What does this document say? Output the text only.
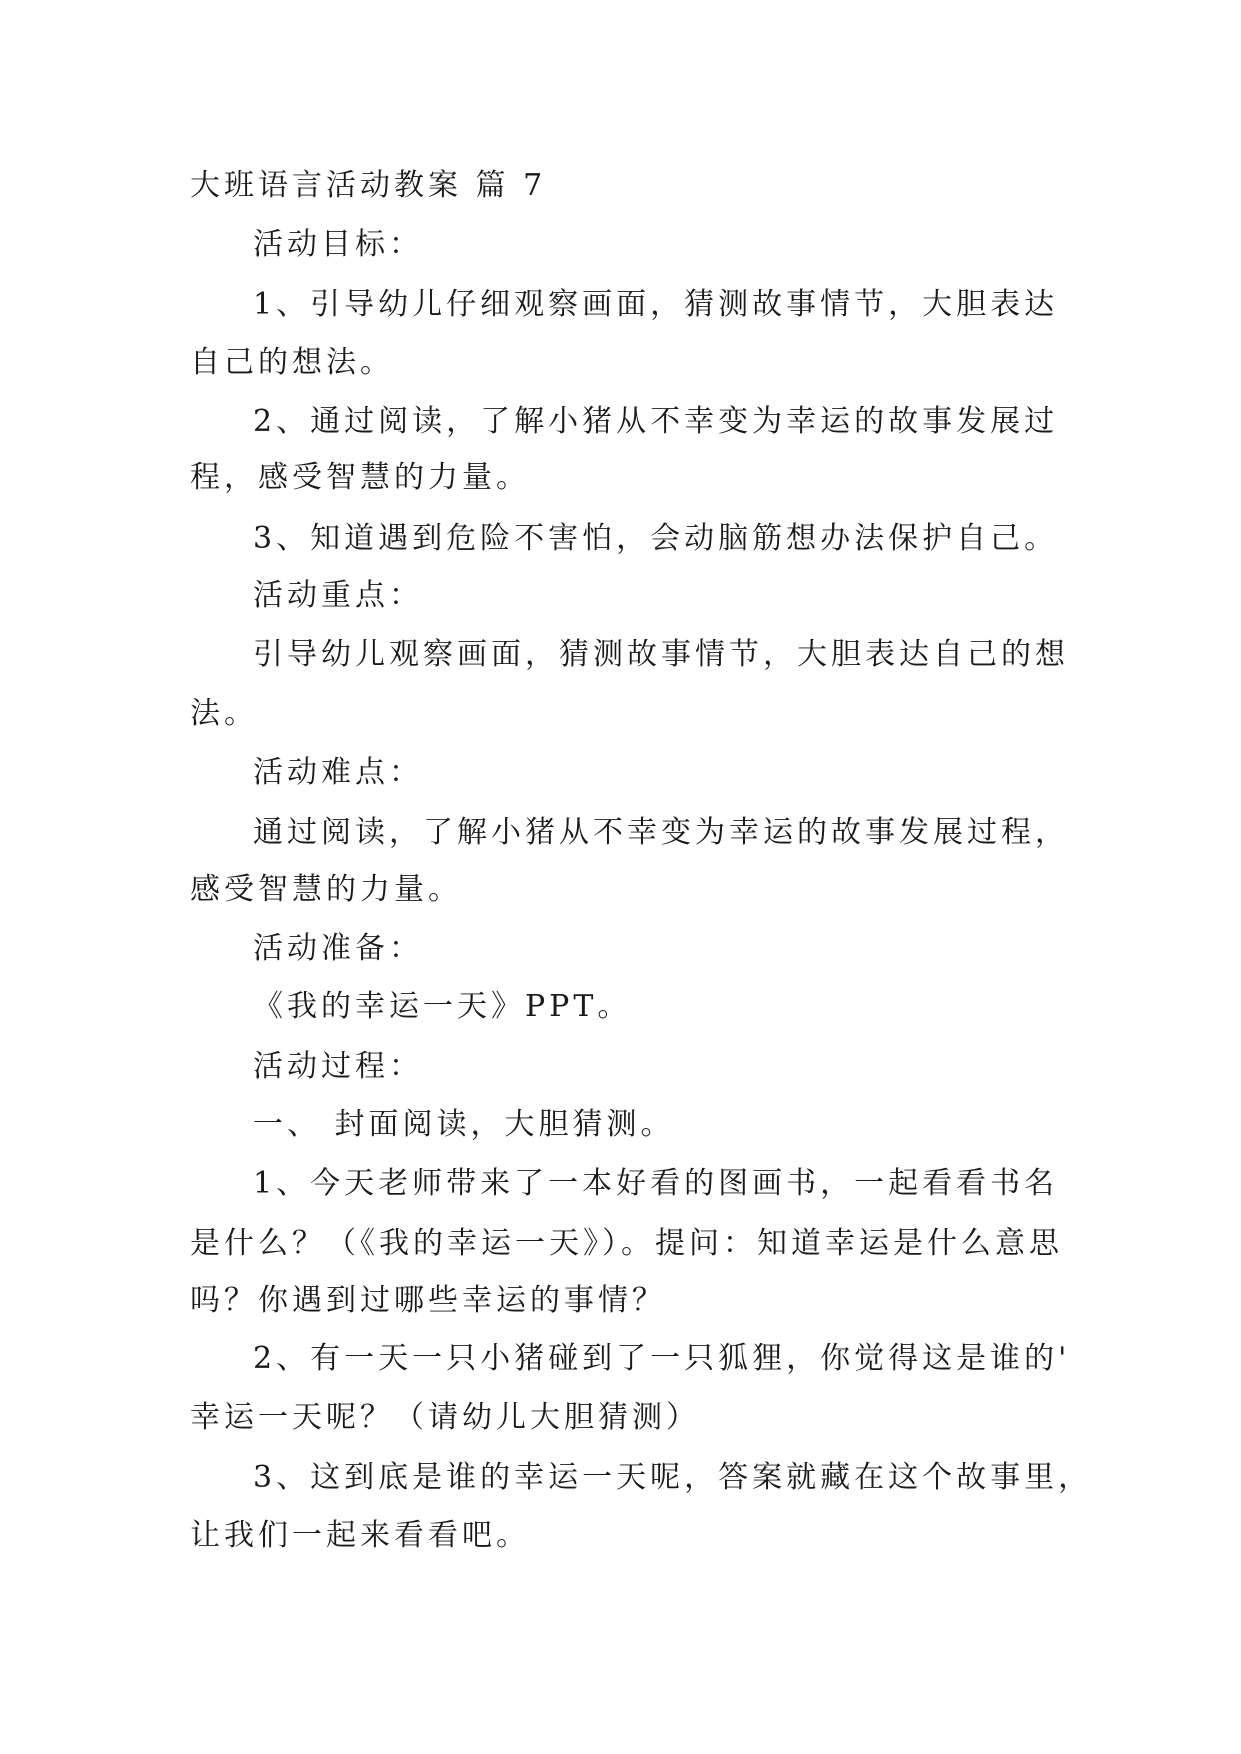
大班语言活动教案 篇 7
活动目标：
1、引导幼儿仔细观察画面，猜测故事情节，大胆表达
自己的想法。
2、通过阅读，了解小猪从不幸变为幸运的故事发展过
程，感受智慧的力量。
3、知道遇到危险不害怕，会动脑筋想办法保护自己。
活动重点：
引导幼儿观察画面，猜测故事情节，大胆表达自己的想
法。
活动难点：
通过阅读，了解小猪从不幸变为幸运的故事发展过程，
感受智慧的力量。
活动准备：
《我的幸运一天》PPT。
活动过程：
一、 封面阅读，大胆猜测。
1、今天老师带来了一本好看的图画书，一起看看书名
是什么？（《我的幸运一天》）。提问：知道幸运是什么意思
吗？你遇到过哪些幸运的事情？
2、有一天一只小猪碰到了一只狐狸，你觉得这是谁的'
幸运一天呢？（请幼儿大胆猜测）
3、这到底是谁的幸运一天呢，答案就藏在这个故事里，
让我们一起来看看吧。
